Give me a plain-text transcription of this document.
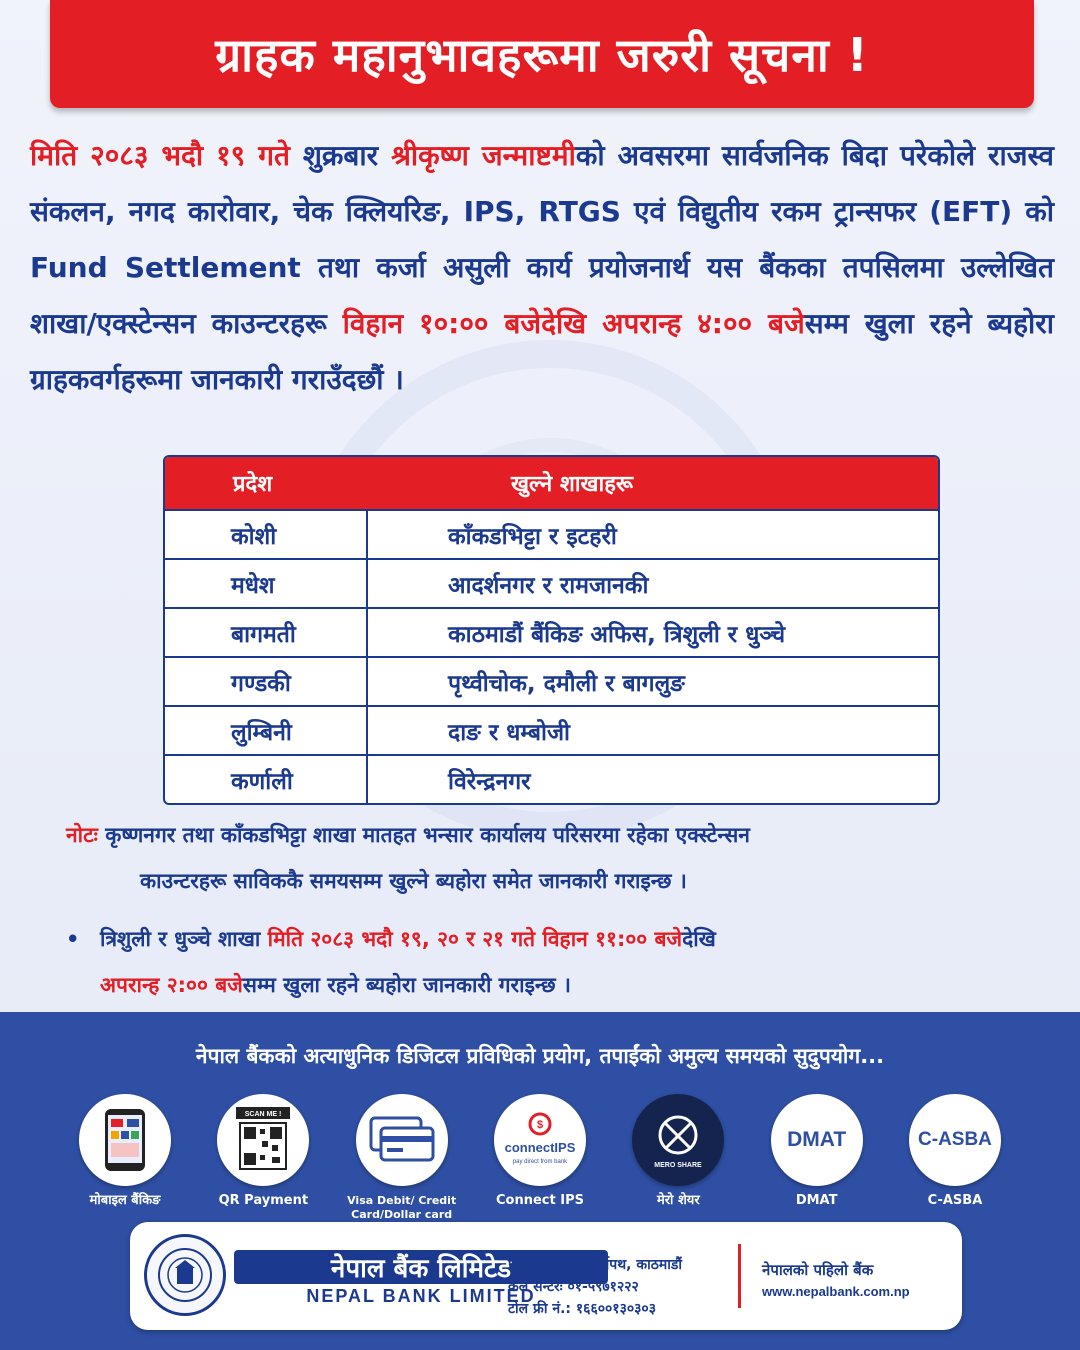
ग्राहक महानुभावहरूमा जरुरी सूचना !
मिति २०८३ भदौ १९ गते शुक्रबार श्रीकृष्ण जन्माष्टमीको अवसरमा सार्वजनिक बिदा परेकोले राजस्व संकलन, नगद कारोवार, चेक क्लियरिङ, IPS, RTGS एवं विद्युतीय रकम ट्रान्सफर (EFT) को Fund Settlement तथा कर्जा असुली कार्य प्रयोजनार्थ यस बैंकका तपसिलमा उल्लेखित शाखा/एक्स्टेन्सन काउन्टरहरू विहान १०:०० बजेदेखि अपरान्ह ४:०० बजेसम्म खुला रहने ब्यहोरा ग्राहकवर्गहरूमा जानकारी गराउँदछौं ।
प्रदेश	खुल्ने शाखाहरू
कोशी	काँकडभिट्टा र इटहरी
मधेश	आदर्शनगर र रामजानकी
बागमती	काठमाडौं बैंकिङ अफिस, त्रिशुली र धुञ्चे
गण्डकी	पृथ्वीचोक, दमौली र बागलुङ
लुम्बिनी	दाङ र धम्बोजी
कर्णाली	विरेन्द्रनगर
नोटः कृष्णनगर तथा काँकडभिट्टा शाखा मातहत भन्सार कार्यालय परिसरमा रहेका एक्स्टेन्सन
काउन्टरहरू साविककै समयसम्म खुल्ने ब्यहोरा समेत जानकारी गराइन्छ ।
• त्रिशुली र धुञ्चे शाखा मिति २०८३ भदौ १९, २० र २१ गते विहान ११:०० बजेदेखि
अपरान्ह २:०० बजेसम्म खुला रहने ब्यहोरा जानकारी गराइन्छ ।
नेपाल बैंकको अत्याधुनिक डिजिटल प्रविधिको प्रयोग, तपाईंको अमुल्य समयको सुदुपयोग...
मोबाइल बैंकिङ
SCAN ME !
QR Payment	Visa Debit/ Credit Card/Dollar card
$
connectIPS
pay direct from bank
Connect IPS
MERO SHARE
मेरो शेयर
DMAT
DMAT
C-ASBA
C-ASBA
नेपाल बैंक लिमिटेड
NEPAL BANK LIMITED
प्रधान कार्यालयः धर्मपथ, काठमाडौं
कल सेन्टरः ०१-५९७१२२२
टोल फ्री नं.: १६६००१३०३०३
नेपालको पहिलो बैंक
www.nepalbank.com.np
